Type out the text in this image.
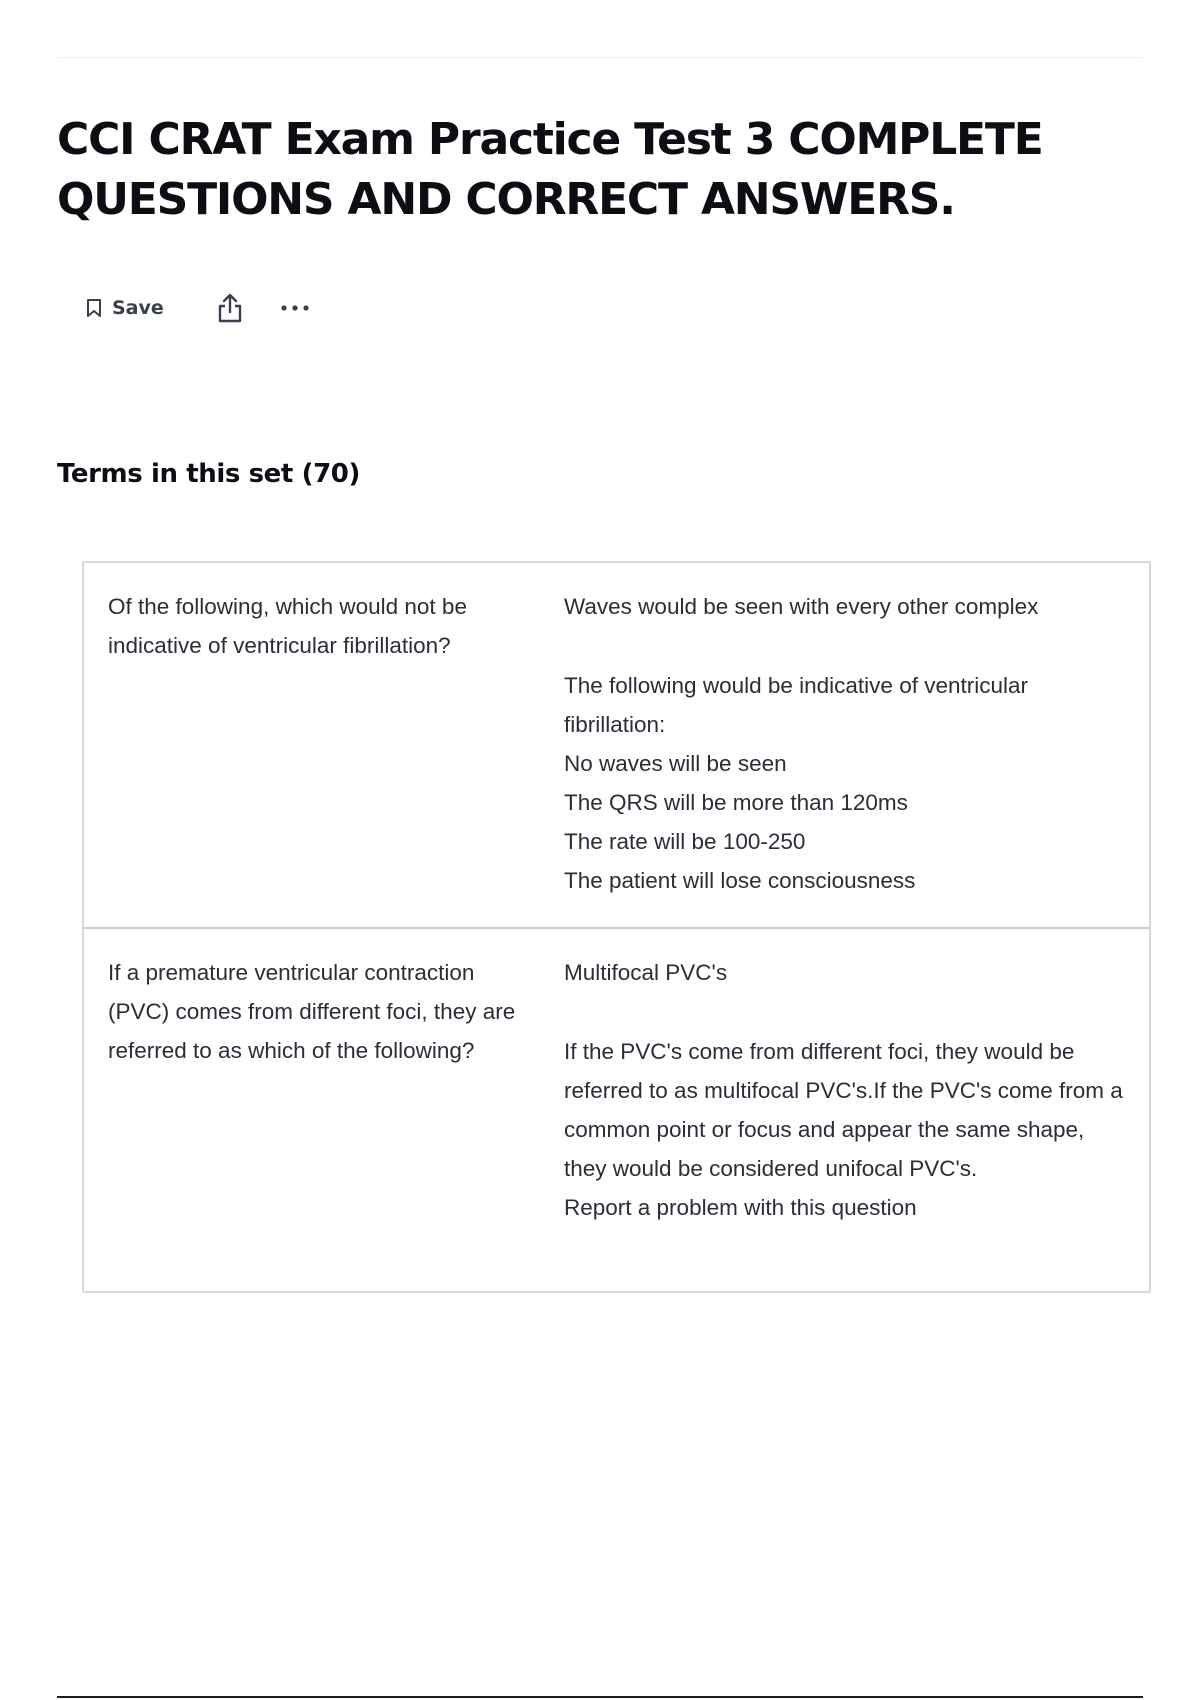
CCI CRAT Exam Practice Test 3 COMPLETE QUESTIONS AND CORRECT ANSWERS.
Save
Terms in this set (70)
Of the following, which would not be indicative of ventricular fibrillation?

Waves would be seen with every other complex

The following would be indicative of ventricular fibrillation:

No waves will be seen

The QRS will be more than 120ms

The rate will be 100-250

The patient will lose consciousness

If a premature ventricular contraction (PVC) comes from different foci, they are referred to as which of the following?

Multifocal PVC's

If the PVC's come from different foci, they would be referred to as multifocal PVC's.If the PVC's come from a common point or focus and appear the same shape, they would be considered unifocal PVC's.

Report a problem with this question
